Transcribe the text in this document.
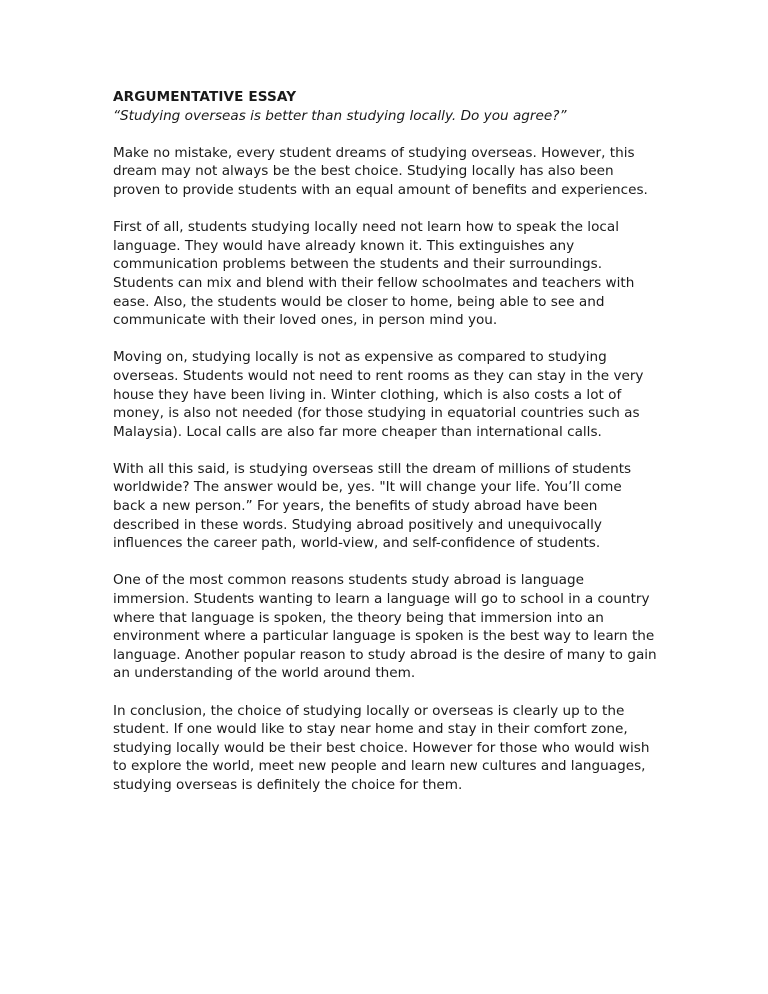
ARGUMENTATIVE ESSAY
“Studying overseas is better than studying locally. Do you agree?”

Make no mistake, every student dreams of studying overseas. However, this dream may not always be the best choice. Studying locally has also been proven to provide students with an equal amount of benefits and experiences.

First of all, students studying locally need not learn how to speak the local language. They would have already known it. This extinguishes any communication problems between the students and their surroundings. Students can mix and blend with their fellow schoolmates and teachers with ease. Also, the students would be closer to home, being able to see and communicate with their loved ones, in person mind you.

Moving on, studying locally is not as expensive as compared to studying overseas. Students would not need to rent rooms as they can stay in the very house they have been living in. Winter clothing, which is also costs a lot of money, is also not needed (for those studying in equatorial countries such as Malaysia). Local calls are also far more cheaper than international calls.

With all this said, is studying overseas still the dream of millions of students worldwide? The answer would be, yes. "It will change your life. You’ll come back a new person.” For years, the benefits of study abroad have been described in these words. Studying abroad positively and unequivocally influences the career path, world-view, and self-confidence of students.

One of the most common reasons students study abroad is language immersion. Students wanting to learn a language will go to school in a country where that language is spoken, the theory being that immersion into an environment where a particular language is spoken is the best way to learn the language. Another popular reason to study abroad is the desire of many to gain an understanding of the world around them.

In conclusion, the choice of studying locally or overseas is clearly up to the student. If one would like to stay near home and stay in their comfort zone, studying locally would be their best choice. However for those who would wish to explore the world, meet new people and learn new cultures and languages, studying overseas is definitely the choice for them.
